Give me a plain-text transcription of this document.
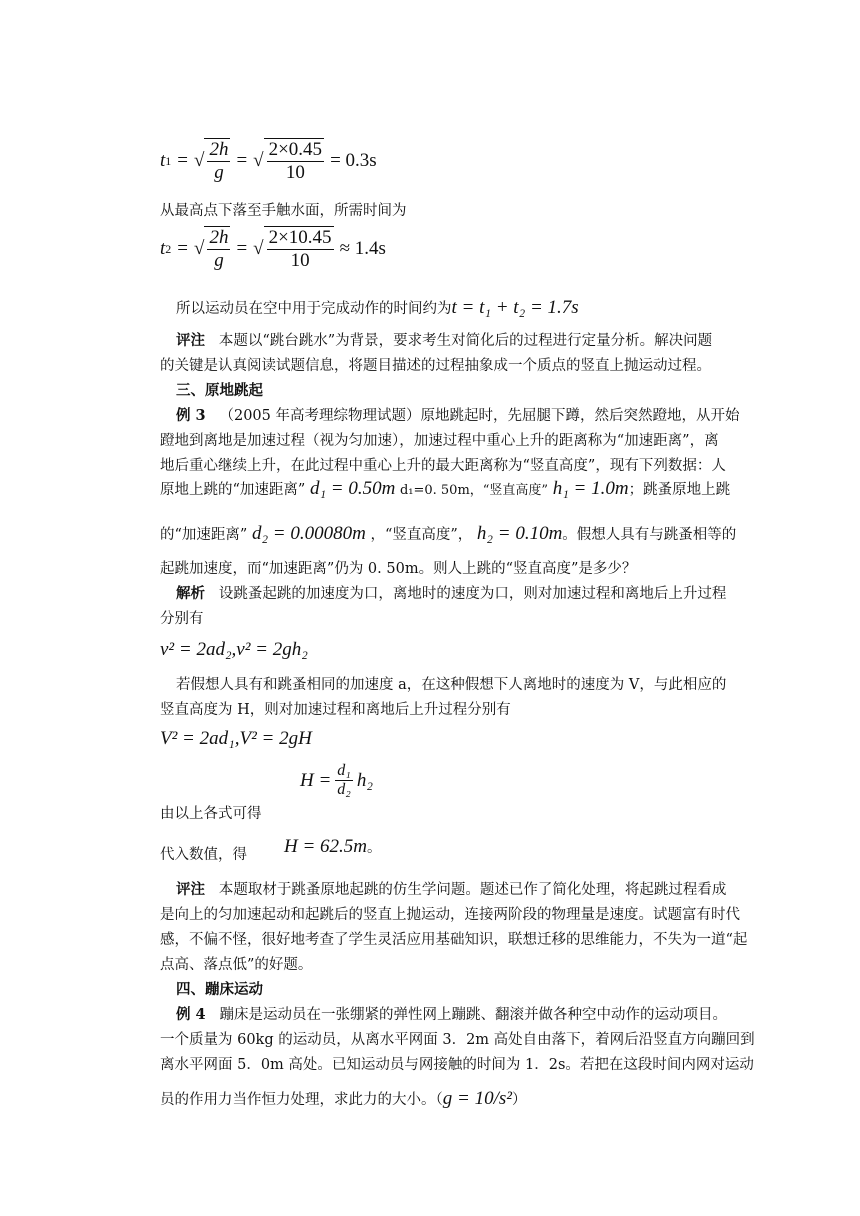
t 1 = √ $\frac{2h}{g}$ = √ $\frac{2\times 0.45}{10} = 0.3s$
从最高点下落至手触水面，所需时间为
t 2 = √ $\frac{2h}{g}$ = √ $\frac{2\times 10.45}{10} \approx 1.4s$
所以运动员在空中用于完成动作的时间约为t = t₁ + t₂ = 1.7s
评注 本题以“跳台跳水”为背景，要求考生对简化后的过程进行定量分析。解决问题
的关键是认真阅读试题信息，将题目描述的过程抽象成一个质点的竖直上抛运动过程。
三、原地跳起
例 3 （2005 年高考理综物理试题）原地跳起时，先屈腿下蹲，然后突然蹬地，从开始
蹬地到离地是加速过程（视为匀加速），加速过程中重心上升的距离称为“加速距离”，离
地后重心继续上升，在此过程中重心上升的最大距离称为“竖直高度”，现有下列数据：人
原地上跳的“加速距离” d₁ = 0.50m d₁=0. 50m，“竖直高度” h₁ = 1.0m；跳蚤原地上跳
的“加速距离” d₂ = 0.00080m ，“竖直高度”， h₂ = 0.10m。假想人具有与跳蚤相等的
起跳加速度，而“加速距离”仍为 0. 50m。则人上跳的“竖直高度”是多少？
解析 设跳蚤起跳的加速度为口，离地时的速度为口，则对加速过程和离地后上升过程
分别有
v² = 2ad₂,v² = 2gh₂
若假想人具有和跳蚤相同的加速度 a，在这种假想下人离地时的速度为 V，与此相应的
竖直高度为 H，则对加速过程和离地后上升过程分别有
V² = 2ad₁,V² = 2gH
$H = \frac{\text{d₁}}{\text{d₂}} h_2$
由以上各式可得
代入数值，得 H = 62.5m。
评注 本题取材于跳蚤原地起跳的仿生学问题。题述已作了简化处理，将起跳过程看成
是向上的匀加速起动和起跳后的竖直上抛运动，连接两阶段的物理量是速度。试题富有时代
感，不偏不怪，很好地考查了学生灵活应用基础知识，联想迁移的思维能力，不失为一道“起
点高、落点低”的好题。
四、蹦床运动
例 4 蹦床是运动员在一张绷紧的弹性网上蹦跳、翻滚并做各种空中动作的运动项目。
一个质量为 60kg 的运动员，从离水平网面 3．2m 高处自由落下，着网后沿竖直方向蹦回到
离水平网面 5．0m 高处。已知运动员与网接触的时间为 1．2s。若把在这段时间内网对运动
员的作用力当作恒力处理，求此力的大小。（g = 10/s²）
